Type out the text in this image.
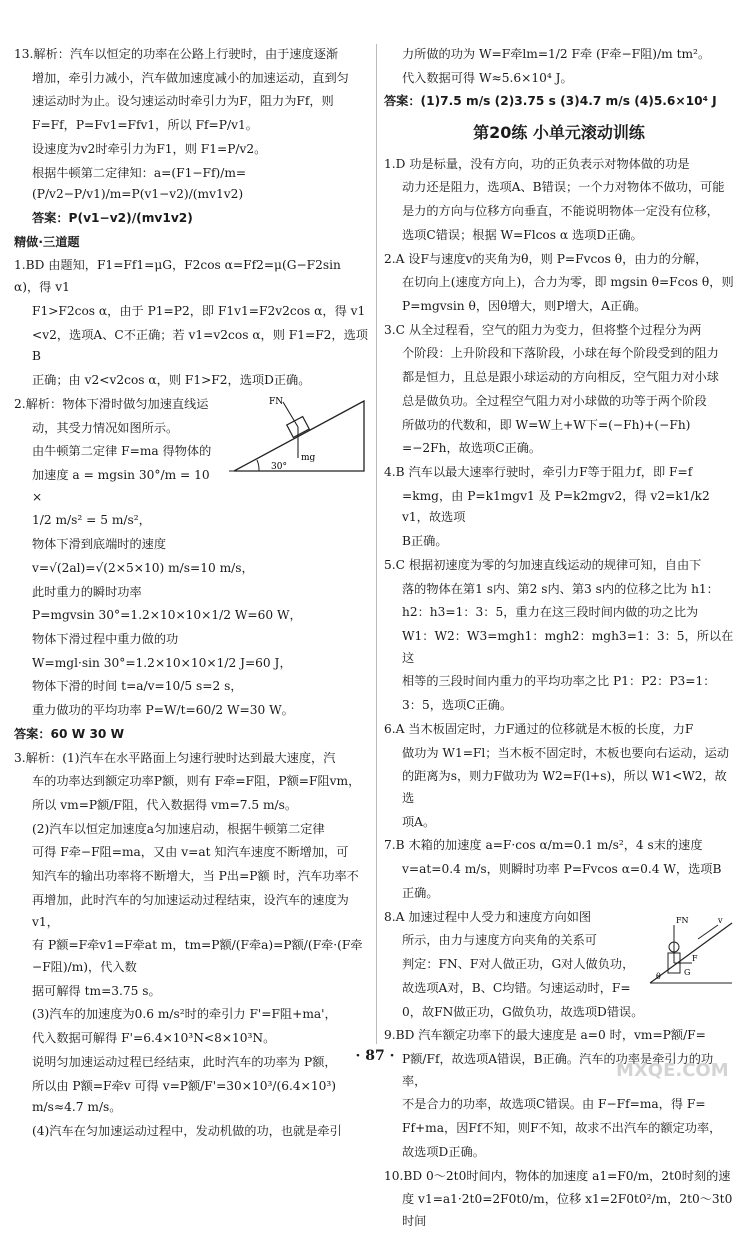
13.解析：汽车以恒定的功率在公路上行驶时，由于速度逐渐

增加，牵引力减小，汽车做加速度减小的加速运动，直到匀

速运动时为止。设匀速运动时牵引力为F，阻力为Ff，则

F=Ff，P=Fv1=Ffv1，所以 Ff=P/v1。

设速度为v2时牵引力为F1，则 F1=P/v2。

根据牛顿第二定律知：a=(F1−Ff)/m=(P/v2−P/v1)/m=P(v1−v2)/(mv1v2)

答案：P(v1−v2)/(mv1v2)

精做·三道题

1.BD 由题知，F1=Ff1=μG，F2cos α=Ff2=μ(G−F2sin α)，得 v1

F1>F2cos α，由于 P1=P2，即 F1v1=F2v2cos α，得 v1

<v2，选项A、C不正确；若 v1=v2cos α，则 F1=F2，选项B

正确；由 v2<v2cos α，则 F1>F2，选项D正确。

30°
FN
mg

2.解析：物体下滑时做匀加速直线运

动，其受力情况如图所示。

由牛顿第二定律 F=ma 得物体的

加速度 a = mgsin 30°/m = 10 ×

1/2 m/s² = 5 m/s²，

物体下滑到底端时的速度

v=√(2al)=√(2×5×10) m/s=10 m/s，

此时重力的瞬时功率

P=mgvsin 30°=1.2×10×10×1/2 W=60 W，

物体下滑过程中重力做的功

W=mgl·sin 30°=1.2×10×10×1/2 J=60 J，

物体下滑的时间 t=a/v=10/5 s=2 s，

重力做功的平均功率 P=W/t=60/2 W=30 W。

答案：60 W 30 W

3.解析：(1)汽车在水平路面上匀速行驶时达到最大速度，汽

车的功率达到额定功率P额，则有 F牵=F阻，P额=F阻vm，

所以 vm=P额/F阻，代入数据得 vm=7.5 m/s。

(2)汽车以恒定加速度a匀加速启动，根据牛顿第二定律

可得 F牵−F阻=ma，又由 v=at 知汽车速度不断增加，可

知汽车的输出功率将不断增大，当 P出=P额 时，汽车功率不

再增加，此时汽车的匀加速运动过程结束，设汽车的速度为 v1，

有 P额=F牵v1=F牵at m，tm=P额/(F牵a)=P额/(F牵·(F牵−F阻)/m)，代入数

据可解得 tm=3.75 s。

(3)汽车的加速度为0.6 m/s²时的牵引力 F'=F阻+ma'，

代入数据可解得 F'=6.4×10³N<8×10³N。

说明匀加速运动过程已经结束，此时汽车的功率为 P额，

所以由 P额=F牵v 可得 v=P额/F'=30×10³/(6.4×10³) m/s≈4.7 m/s。

(4)汽车在匀加速运动过程中，发动机做的功，也就是牵引

力所做的功为 W=F牵lm=1/2 F牵 (F牵−F阻)/m tm²。

代入数据可得 W≈5.6×10⁴ J。

答案：(1)7.5 m/s (2)3.75 s (3)4.7 m/s (4)5.6×10⁴ J

第20练 小单元滚动训练

1.D 功是标量，没有方向，功的正负表示对物体做的功是

动力还是阻力，选项A、B错误；一个力对物体不做功，可能

是力的方向与位移方向垂直，不能说明物体一定没有位移，

选项C错误；根据 W=Flcos α 选项D正确。

2.A 设F与速度v的夹角为θ，则 P=Fvcos θ，由力的分解，

在切向上(速度方向上)，合力为零，即 mgsin θ=Fcos θ，则

P=mgvsin θ，因θ增大，则P增大，A正确。

3.C 从全过程看，空气的阻力为变力，但将整个过程分为两

个阶段：上升阶段和下落阶段，小球在每个阶段受到的阻力

都是恒力，且总是跟小球运动的方向相反，空气阻力对小球

总是做负功。全过程空气阻力对小球做的功等于两个阶段

所做功的代数和，即 W=W上+W下=(−Fh)+(−Fh)

=−2Fh，故选项C正确。

4.B 汽车以最大速率行驶时，牵引力F等于阻力f，即 F=f

=kmg，由 P=k1mgv1 及 P=k2mgv2，得 v2=k1/k2 v1，故选项

B正确。

5.C 根据初速度为零的匀加速直线运动的规律可知，自由下

落的物体在第1 s内、第2 s内、第3 s内的位移之比为 h1：

h2：h3=1：3：5，重力在这三段时间内做的功之比为

W1：W2：W3=mgh1：mgh2：mgh3=1：3：5，所以在这

相等的三段时间内重力的平均功率之比 P1：P2：P3=1：

3：5，选项C正确。

6.A 当木板固定时，力F通过的位移就是木板的长度，力F

做功为 W1=Fl；当木板不固定时，木板也要向右运动，运动

的距离为s，则力F做功为 W2=F(l+s)，所以 W1<W2，故选

项A。

7.B 木箱的加速度 a=F·cos α/m=0.1 m/s²，4 s末的速度

v=at=0.4 m/s，则瞬时功率 P=Fvcos α=0.4 W，选项B

正确。

FN	v
F
θ	G

8.A 加速过程中人受力和速度方向如图

所示，由力与速度方向夹角的关系可

判定：FN、F对人做正功，G对人做负功，

故选项A对，B、C均错。匀速运动时，F=

0，故FN做正功，G做负功，故选项D错误。

9.BD 汽车额定功率下的最大速度是 a=0 时，vm=P额/F=

P额/Ff，故选项A错误，B正确。汽车的功率是牵引力的功率，

不是合力的功率，故选项C错误。由 F−Ff=ma，得 F=

Ff+ma，因Ff不知，则F不知，故求不出汽车的额定功率，

故选项D正确。

10.BD 0～2t0时间内，物体的加速度 a1=F0/m，2t0时刻的速

度 v1=a1·2t0=2F0t0/m，位移 x1=2F0t0²/m，2t0～3t0 时间

· 87 ·
MXQE.COM
